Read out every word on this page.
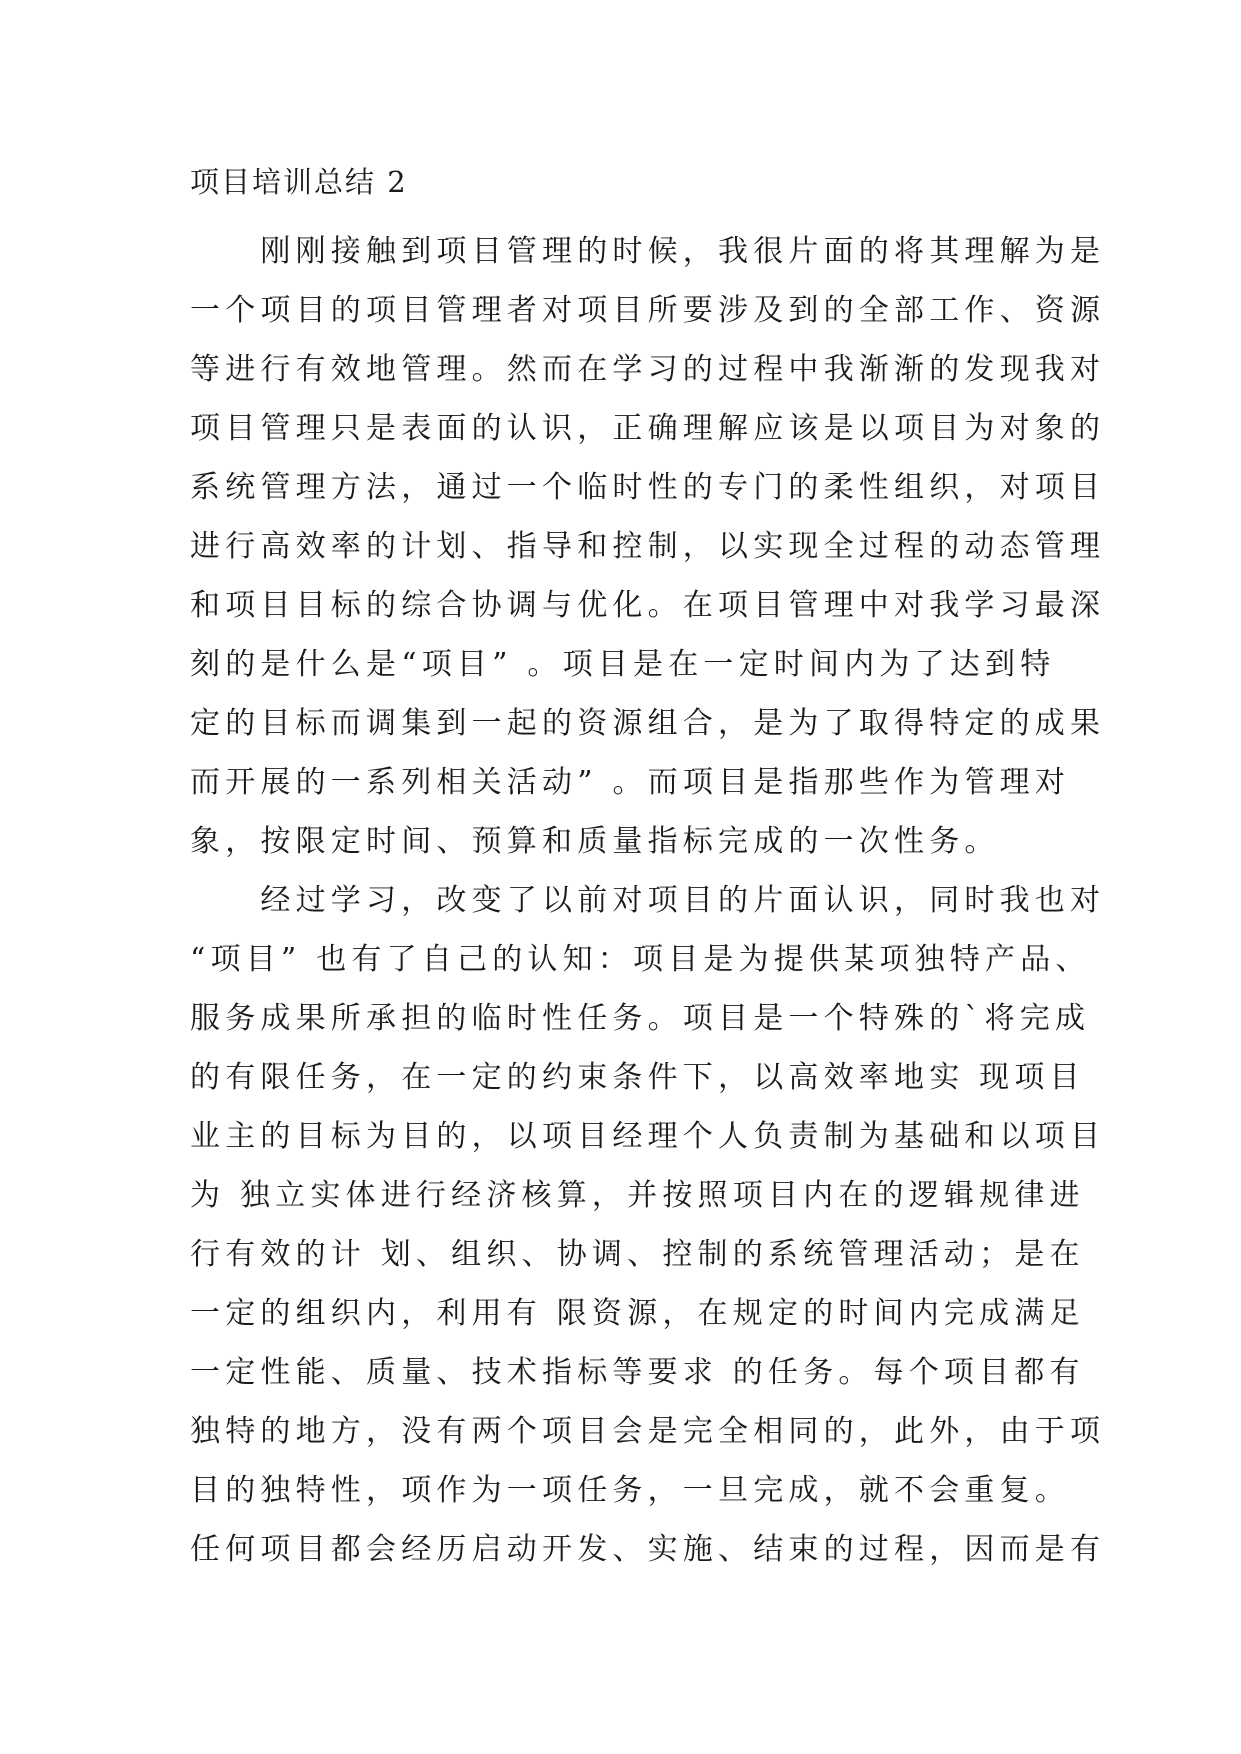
项目培训总结 2
　　刚刚接触到项目管理的时候，我很片面的将其理解为是
一个项目的项目管理者对项目所要涉及到的全部工作、资源
等进行有效地管理。然而在学习的过程中我渐渐的发现我对
项目管理只是表面的认识，正确理解应该是以项目为对象的
系统管理方法，通过一个临时性的专门的柔性组织，对项目
进行高效率的计划、指导和控制，以实现全过程的动态管理
和项目目标的综合协调与优化。在项目管理中对我学习最深
刻的是什么是“项目” 。项目是在一定时间内为了达到特
定的目标而调集到一起的资源组合，是为了取得特定的成果
而开展的一系列相关活动” 。而项目是指那些作为管理对
象，按限定时间、预算和质量指标完成的一次性务。
　　经过学习，改变了以前对项目的片面认识，同时我也对
“项目” 也有了自己的认知：项目是为提供某项独特产品、
服务成果所承担的临时性任务。项目是一个特殊的`将完成
的有限任务，在一定的约束条件下，以高效率地实 现项目
业主的目标为目的，以项目经理个人负责制为基础和以项目
为 独立实体进行经济核算，并按照项目内在的逻辑规律进
行有效的计 划、组织、协调、控制的系统管理活动；是在
一定的组织内，利用有 限资源，在规定的时间内完成满足
一定性能、质量、技术指标等要求 的任务。每个项目都有
独特的地方，没有两个项目会是完全相同的，此外，由于项
目的独特性，项作为一项任务，一旦完成，就不会重复。
任何项目都会经历启动开发、实施、结束的过程，因而是有
